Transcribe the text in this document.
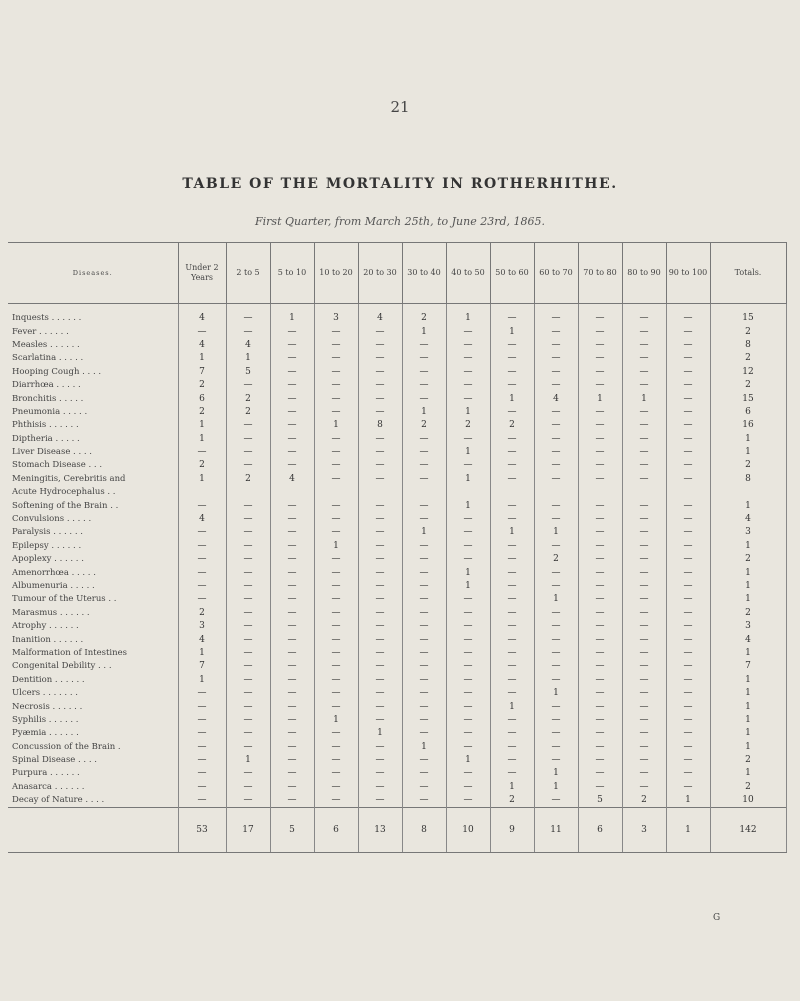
21
TABLE OF THE MORTALITY IN ROTHERHITHE.
First Quarter, from March 25th, to June 23rd, 1865.
Diseases.	Under 2 Years	2 to 5	5 to 10	10 to 20	20 to 30	30 to 40	40 to 50	50 to 60	60 to 70	70 to 80	80 to 90	90 to 100	Totals.
Inquests . . . . . .	4	—	1	3	4	2	1	—	—	—	—	—	15
Fever . . . . . .	—	—	—	—	—	1	—	1	—	—	—	—	2
Measles . . . . . .	4	4	—	—	—	—	—	—	—	—	—	—	8
Scarlatina . . . . .	1	1	—	—	—	—	—	—	—	—	—	—	2
Hooping Cough . . . .	7	5	—	—	—	—	—	—	—	—	—	—	12
Diarrhœa . . . . .	2	—	—	—	—	—	—	—	—	—	—	—	2
Bronchitis . . . . .	6	2	—	—	—	—	—	1	4	1	1	—	15
Pneumonia . . . . .	2	2	—	—	—	1	1	—	—	—	—	—	6
Phthisis . . . . . .	1	—	—	1	8	2	2	2	—	—	—	—	16
Diptheria . . . . .	1	—	—	—	—	—	—	—	—	—	—	—	1
Liver Disease . . . .	—	—	—	—	—	—	1	—	—	—	—	—	1
Stomach Disease . . .	2	—	—	—	—	—	—	—	—	—	—	—	2
Meningitis, Cerebritis and	1	2	4	—	—	—	1	—	—	—	—	—	8
Acute Hydrocephalus . .													
Softening of the Brain . .	—	—	—	—	—	—	1	—	—	—	—	—	1
Convulsions . . . . .	4	—	—	—	—	—	—	—	—	—	—	—	4
Paralysis . . . . . .	—	—	—	—	—	1	—	1	1	—	—	—	3
Epilepsy . . . . . .	—	—	—	1	—	—	—	—	—	—	—	—	1
Apoplexy . . . . . .	—	—	—	—	—	—	—	—	2	—	—	—	2
Amenorrhœa . . . . .	—	—	—	—	—	—	1	—	—	—	—	—	1
Albumenuria . . . . .	—	—	—	—	—	—	1	—	—	—	—	—	1
Tumour of the Uterus . .	—	—	—	—	—	—	—	—	1	—	—	—	1
Marasmus . . . . . .	2	—	—	—	—	—	—	—	—	—	—	—	2
Atrophy . . . . . .	3	—	—	—	—	—	—	—	—	—	—	—	3
Inanition . . . . . .	4	—	—	—	—	—	—	—	—	—	—	—	4
Malformation of Intestines	1	—	—	—	—	—	—	—	—	—	—	—	1
Congenital Debility . . .	7	—	—	—	—	—	—	—	—	—	—	—	7
Dentition . . . . . .	1	—	—	—	—	—	—	—	—	—	—	—	1
Ulcers . . . . . . .	—	—	—	—	—	—	—	—	1	—	—	—	1
Necrosis . . . . . .	—	—	—	—	—	—	—	1	—	—	—	—	1
Syphilis . . . . . .	—	—	—	1	—	—	—	—	—	—	—	—	1
Pyæmia . . . . . .	—	—	—	—	1	—	—	—	—	—	—	—	1
Concussion of the Brain .	—	—	—	—	—	1	—	—	—	—	—	—	1
Spinal Disease . . . .	—	1	—	—	—	—	1	—	—	—	—	—	2
Purpura . . . . . .	—	—	—	—	—	—	—	—	1	—	—	—	1
Anasarca . . . . . .	—	—	—	—	—	—	—	1	1	—	—	—	2
Decay of Nature . . . .	—	—	—	—	—	—	—	2	—	5	2	1	10
	53	17	5	6	13	8	10	9	11	6	3	1	142
G
